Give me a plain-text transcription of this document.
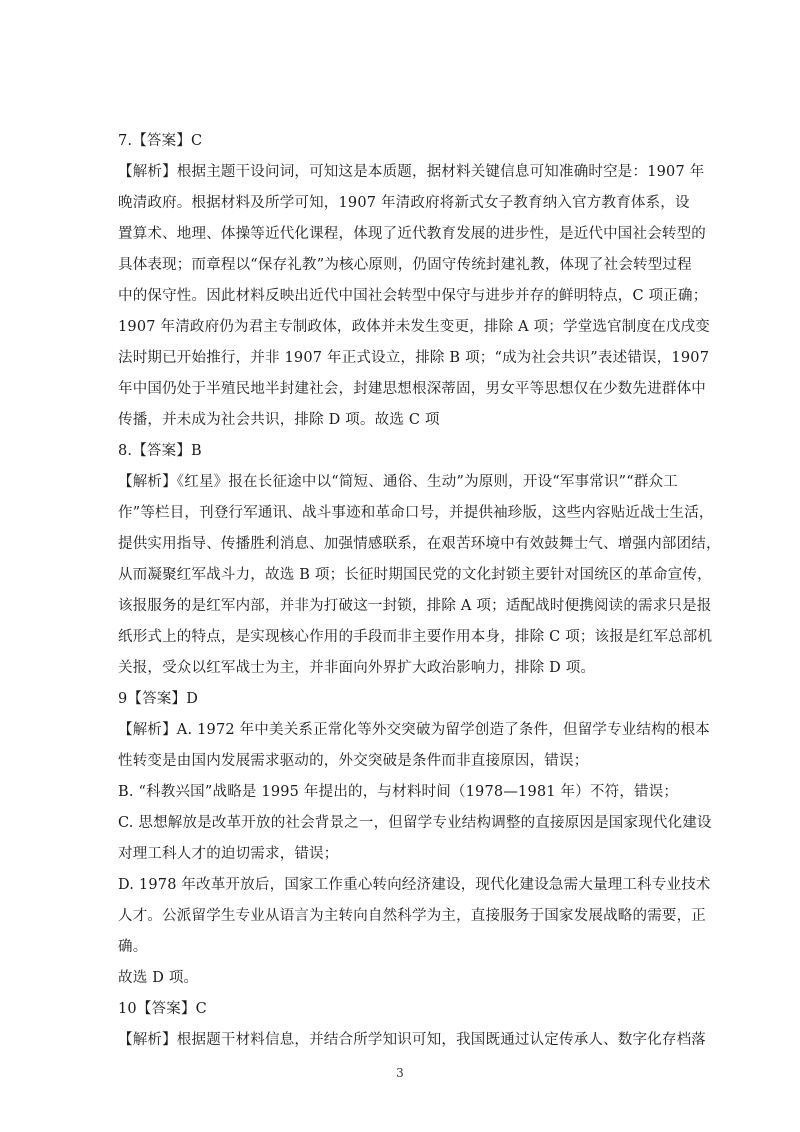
7.【答案】C
【解析】根据主题干设问词，可知这是本质题，据材料关键信息可知准确时空是：1907 年
晚清政府。根据材料及所学可知，1907 年清政府将新式女子教育纳入官方教育体系，设
置算术、地理、体操等近代化课程，体现了近代教育发展的进步性，是近代中国社会转型的
具体表现；而章程以“保存礼教”为核心原则，仍固守传统封建礼教，体现了社会转型过程
中的保守性。因此材料反映出近代中国社会转型中保守与进步并存的鲜明特点，C 项正确；
1907 年清政府仍为君主专制政体，政体并未发生变更，排除 A 项；学堂选官制度在戊戌变
法时期已开始推行，并非 1907 年正式设立，排除 B 项；“成为社会共识”表述错误，1907
年中国仍处于半殖民地半封建社会，封建思想根深蒂固，男女平等思想仅在少数先进群体中
传播，并未成为社会共识，排除 D 项。故选 C 项
8.【答案】B
【解析】《红星》报在长征途中以“简短、通俗、生动”为原则，开设“军事常识”“群众工
作”等栏目，刊登行军通讯、战斗事迹和革命口号，并提供袖珍版，这些内容贴近战士生活，
提供实用指导、传播胜利消息、加强情感联系，在艰苦环境中有效鼓舞士气、增强内部团结，
从而凝聚红军战斗力，故选 B 项；长征时期国民党的文化封锁主要针对国统区的革命宣传，
该报服务的是红军内部，并非为打破这一封锁，排除 A 项；适配战时便携阅读的需求只是报
纸形式上的特点，是实现核心作用的手段而非主要作用本身，排除 C 项；该报是红军总部机
关报，受众以红军战士为主，并非面向外界扩大政治影响力，排除 D 项。
9【答案】D
【解析】A. 1972 年中美关系正常化等外交突破为留学创造了条件，但留学专业结构的根本
性转变是由国内发展需求驱动的，外交突破是条件而非直接原因，错误；
B. “科教兴国”战略是 1995 年提出的，与材料时间（1978—1981 年）不符，错误；
C. 思想解放是改革开放的社会背景之一，但留学专业结构调整的直接原因是国家现代化建设
对理工科人才的迫切需求，错误；
D. 1978 年改革开放后，国家工作重心转向经济建设，现代化建设急需大量理工科专业技术
人才。公派留学生专业从语言为主转向自然科学为主，直接服务于国家发展战略的需要，正
确。
故选 D 项。
10【答案】C
【解析】根据题干材料信息，并结合所学知识可知，我国既通过认定传承人、数字化存档落
3
